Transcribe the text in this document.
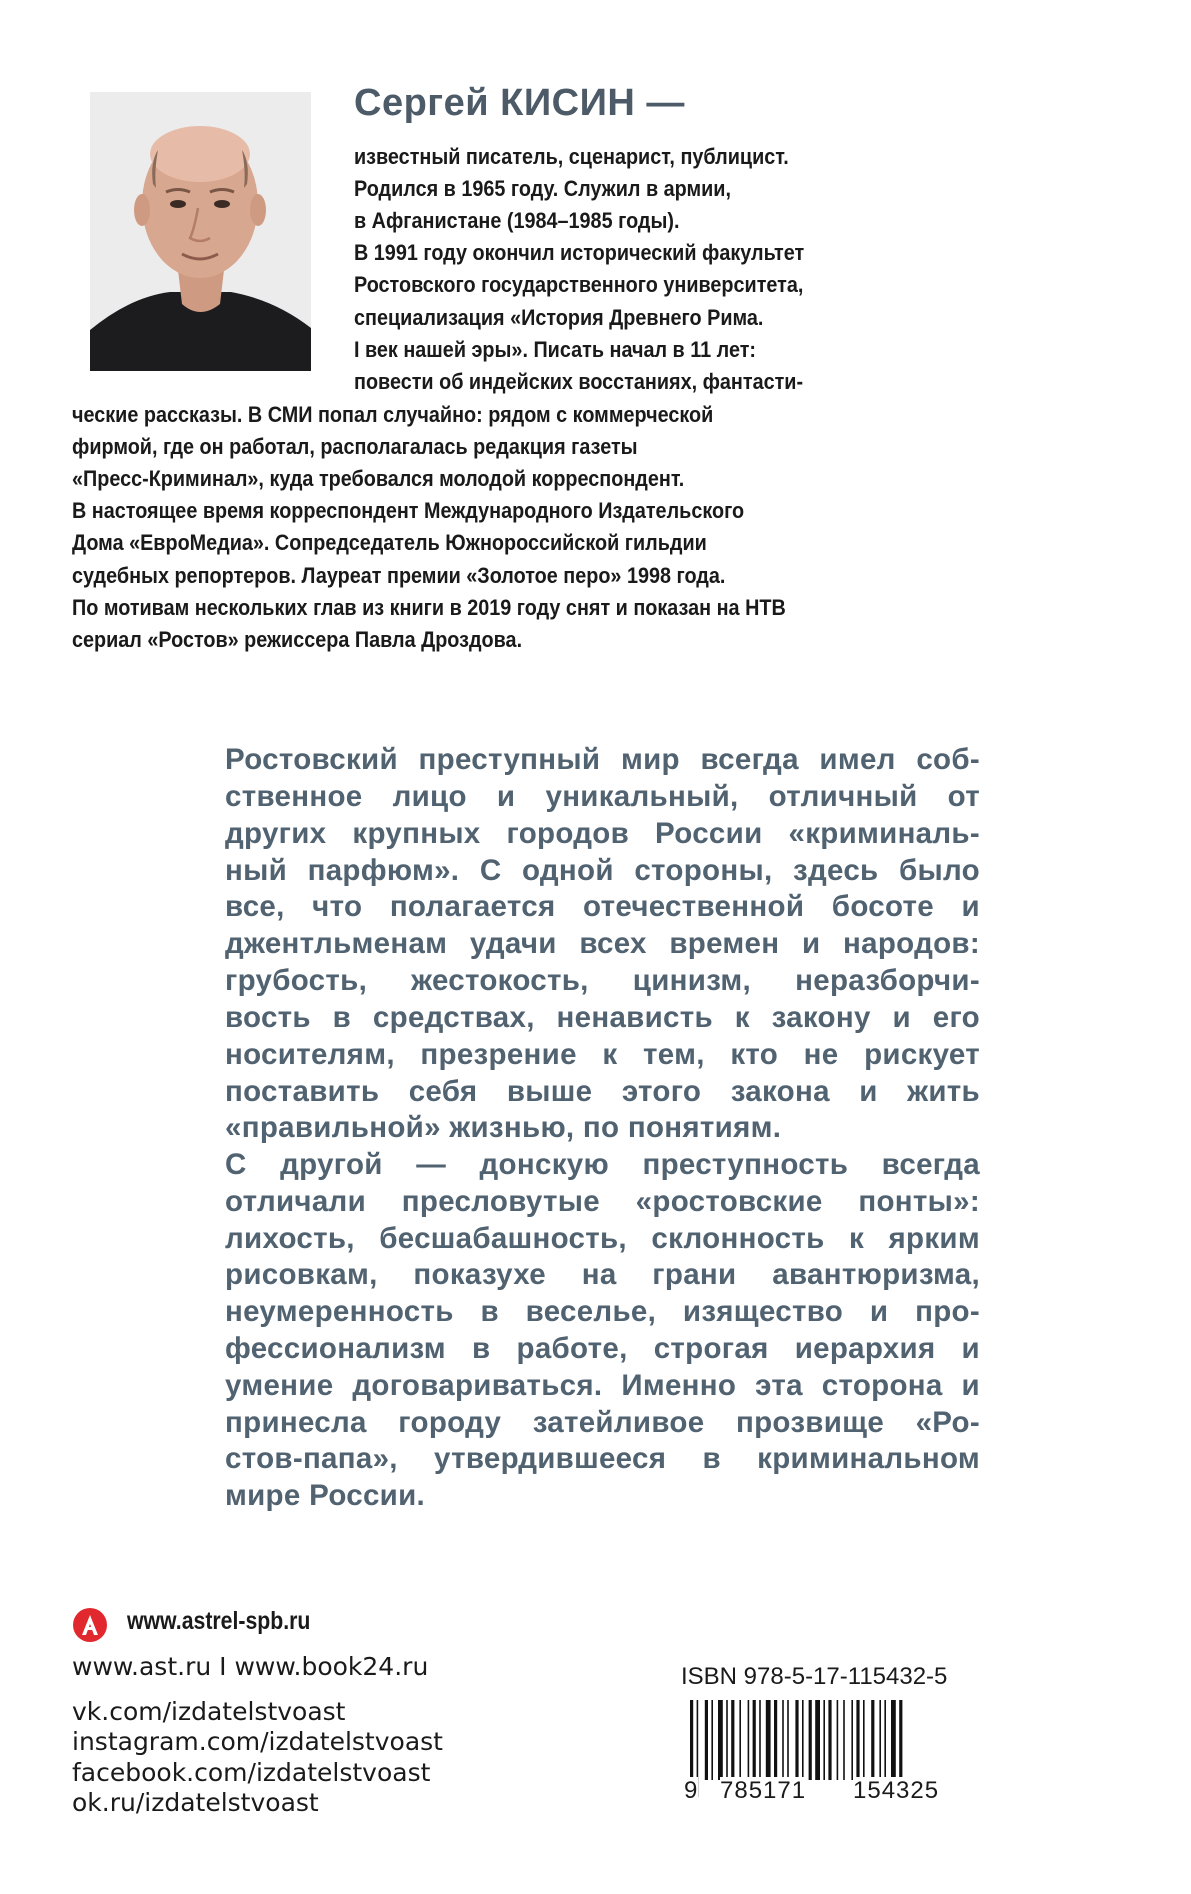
Сергей КИСИН —
известный писатель, сценарист, публицист.
Родился в 1965 году. Служил в армии,
в Афганистане (1984–1985 годы).
В 1991 году окончил исторический факультет
Ростовского государственного университета,
специализация «История Древнего Рима.
I век нашей эры». Писать начал в 11 лет:
повести об индейских восстаниях, фантасти-
ческие рассказы. В СМИ попал случайно: рядом с коммерческой
фирмой, где он работал, располагалась редакция газеты
«Пресс-Криминал», куда требовался молодой корреспондент.
В настоящее время корреспондент Международного Издательского
Дома «ЕвроМедиа». Сопредседатель Южнороссийской гильдии
судебных репортеров. Лауреат премии «Золотое перо» 1998 года.
По мотивам нескольких глав из книги в 2019 году снят и показан на НТВ
сериал «Ростов» режиссера Павла Дроздова.
Ростовский преступный мир всегда имел соб-
ственное лицо и уникальный, отличный от
других крупных городов России «криминаль-
ный парфюм». С одной стороны, здесь было
все, что полагается отечественной босоте и
джентльменам удачи всех времен и народов:
грубость, жестокость, цинизм, неразборчи-
вость в средствах, ненависть к закону и его
носителям, презрение к тем, кто не рискует
поставить себя выше этого закона и жить
«правильной» жизнью, по понятиям.
С другой — донскую преступность всегда
отличали пресловутые «ростовские понты»:
лихость, бесшабашность, склонность к ярким
рисовкам, показухе на грани авантюризма,
неумеренность в веселье, изящество и про-
фессионализм в работе, строгая иерархия и
умение договариваться. Именно эта сторона и
принесла городу затейливое прозвище «Ро-
стов-папа», утвердившееся в криминальном
мире России.

www.astrel-spb.ru

www.ast.ru I www.book24.ru
vk.com/izdatelstvoast
instagram.com/izdatelstvoast
facebook.com/izdatelstvoast
ok.ru/izdatelstvoast

ISBN 978-5-17-115432-5

9 785171 154325
